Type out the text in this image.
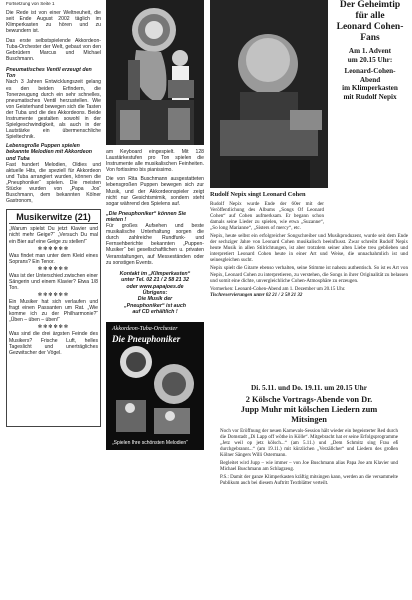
Fortsetzung von Seite 1

Die Rede ist von einer Weltneuheit, die seit Ende August 2002 täglich im Klimperkasten zu hören und zu bewundern ist.

Das erste selbstspielende Akkordeon-Tuba-Orchester der Welt, gebaut von den Gebrüdern Marcus und Michael Buschmann.

Pneumatisches Ventil erzeugt den Ton

Nach 3 Jahren Entwicklungszeit gelang es den beiden Erfindern, die Tonerzeugung durch ein sehr schnelles, pneumatisches Ventil herzustellen. Wie von Geisterhand bewegen sich die Tasten der Tuba und die des Akkordeons. Beide Instrumente gestalten sowohl in der Spielgeschwindigkeit, als auch in der Lautstärke ein übermenschliche Spieltechnik.

Lebensgroße Puppen spielen bekannte Melodien mit Akkordeon und Tuba

Fast hundert Melodien, Oldies und aktuelle Hits, die speziell für Akkordeon und Tuba arrangiert wurden, können die „Pneuphoniker“ spielen. Die meisten Stücke wurden von „Papa Jos“ Buschmann, dem bekannten Kölner Gastronom,

Musikerwitze (21)

„Warum spielst Du jetzt Klavier und nicht mehr Geige?“ „Versuch Du mal ein Bier auf eine Geige zu stellen!“

✻✻✻✻✻✻

Was findet man unter dem Kleid eines Soprans? Ein Tenor.

✻✻✻✻✻✻

Was ist der Unterschied zwischen einer Sängerin und einem Klavier? Etwa 1/8 Ton.

✻✻✻✻✻✻

Ein Musiker hat sich verlaufen und fragt einen Passanten um Rat. „Wie komme ich zu der Philharmonie?“ „Üben – üben – üben!“

✻✻✻✻✻✻

Was sind die drei ärgsten Feinde des Musikers? Frische Luft, helles Tageslicht und unerträgliches Gezwitscher der Vögel.

am Keyboard eingespielt. Mit 128 Laustärkestufen pro Ton spielen die Instrumente alle musikalischen Feinheiten. Von fortissimo bis pianissimo.

Die von Rita Buschmann ausgestatteten lebensgroßen Puppen bewegen sich zur Musik, und der Akkordeonspieler zeigt nicht nur Gesichtsmimik, sondern steht sogar während des Spielens auf.

„Die Pneuphoniker“ können Sie mieten !

Für großes Aufsehen und beste musikalische Unterhaltung sorgen die durch zahlreiche Rundfunk- und Fernsehberichte bekannten „Puppen-Musiker“ bei gesellschaftlichen u. privaten Veranstaltungen, auf Messeständen oder zu sonstigen Events.

Kontakt im „Klimperkasten“
unter Tel. 02 21 / 2 58 21 32
oder www.papajoes.de
Übrigens:
Die Musik der
„Pneuphoniker“ ist auch
auf CD erhältlich !
Akkordeon-Tuba-Orchester
Die Pneuphoniker
„Spielen Ihre schönsten Melodien“
Der Geheimtip
für alle
Leonard Cohen-
Fans
Am 1. Advent
um 20.15 Uhr:
Leonard-Cohen-
Abend
im Klimperkasten
mit Rudolf Nepix
Rudolf Nepix singt Leonard Cohen

Rudolf Nepix wurde Ende der 60er mit der Veröffentlichung des Albums „Songs Of Leonard Cohen“ auf Cohen aufmerksam. Er begann schon damals seine Lieder zu spielen, wie etwa „Suzanne“, „So long Marianne“, „Sisters of mercy“, etc.

Nepix, heute selbst ein erfolgreicher Songschreiber und Musikproduzent, wurde seit dem Ende der sechziger Jahre von Leonard Cohen musikalisch beeinflusst. Zwar schreibt Rudolf Nepix heute Musik in allen Stilrichtungen, ist aber trotzdem seiner alten Liebe treu geblieben und interpretiert Leonard Cohen heute in einer Art und Weise, die unnachahmlich ist und seinesgleichen sucht.

Nepix spielt die Gitarre ebenso verhalten, seine Stimme ist nahezu authentisch. So ist es Art von Nepix, Leonard Cohen zu interpretieren, zu verstehen, die Songs in ihrer Originalität zu belassen und somit eine dichte, unvergleichliche Cohen-Atmosphäre zu erzeugen.

Vormerken: Leonard-Cohen-Abend am 1. Dezember um 20.15 Uhr.

Tischreservierungen unter 02 21 / 2 58 21 32

Di. 5.11. und Do. 19.11. um 20.15 Uhr
2 Kölsche Vortrags-Abende von Dr.
Jupp Muhr mit kölschen Liedern zum
Mitsingen

Noch vor Eröffnung der neuen Karnevals-Session hält wieder ein begeisterter Red durch die Domstadt „Di Lapp off wöthe in Kölle“. Mitgebracht hat er seine Erfolgsprogramme „Jetz weil op jetz kölsch...“ (am 5.11.) und „Dem Schmitz sing Frau eß durchgebrannt...“ (am 19.11.) mit kürzlichen „Verzällcher“ und Liedern des großen Kölner Sängers Willi Ostermann.

Begleitet wird Jupp – wie immer – von Joe Buschmann alias Papa Joe am Klavier und Michael Buschmann am Schlagzeug.

P.S.: Damit der ganze Klimperkasten kräftig mitsingen kann, werden an die versammelte Publikum auch bei diesem Auftritt Textblätter verteilt.
